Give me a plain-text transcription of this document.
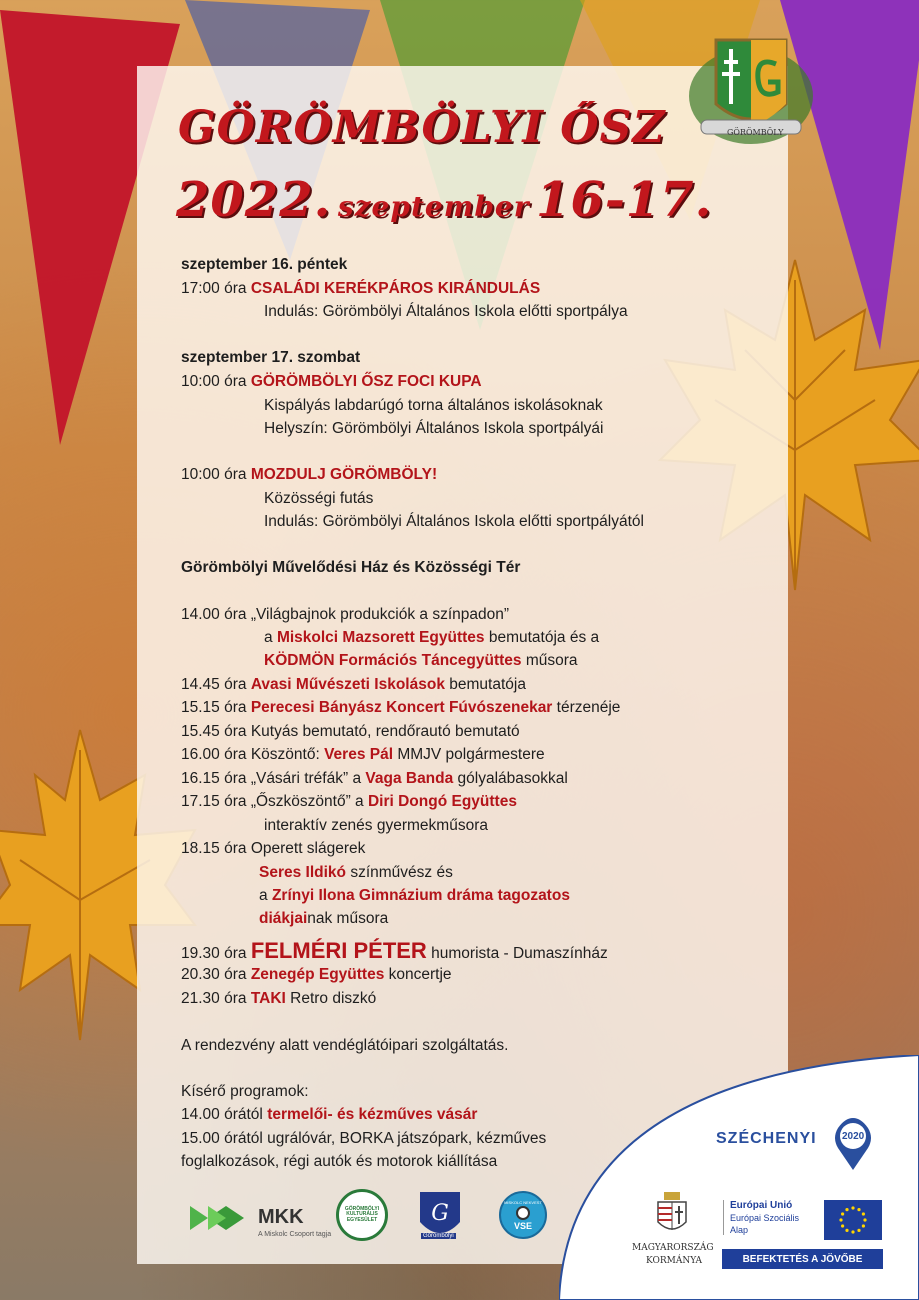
GÖRÖMBÖLY
GÖRÖMBÖLYI ŐSZ
2022. szeptember 16-17.
szeptember 16. péntek
17:00 óra CSALÁDI KERÉKPÁROS KIRÁNDULÁS
Indulás: Görömbölyi Általános Iskola előtti sportpálya
szeptember 17. szombat
10:00 óra GÖRÖMBÖLYI ŐSZ FOCI KUPA
Kispályás labdarúgó torna általános iskolásoknak
Helyszín: Görömbölyi Általános Iskola sportpályái
10:00 óra MOZDULJ GÖRÖMBÖLY!
Közösségi futás
Indulás: Görömbölyi Általános Iskola előtti sportpályától
Görömbölyi Művelődési Ház és Közösségi Tér
14.00 óra „Világbajnok produkciók a színpadon”
a Miskolci Mazsorett Együttes bemutatója és a
KÖDMÖN Formációs Táncegyüttes műsora
14.45 óra Avasi Művészeti Iskolások bemutatója
15.15 óra Perecesi Bányász Koncert Fúvószenekar térzenéje
15.45 óra Kutyás bemutató, rendőrautó bemutató
16.00 óra Köszöntő: Veres Pál MMJV polgármestere
16.15 óra „Vásári tréfák” a Vaga Banda gólyalábasokkal
17.15 óra „Őszköszöntő” a Diri Dongó Együttes
interaktív zenés gyermekműsora
18.15 óra Operett slágerek
Seres Ildikó színművész és
a Zrínyi Ilona Gimnázium dráma tagozatos
diákjainak műsora
19.30 óra FELMÉRI PÉTER humorista - Dumaszínház
20.30 óra Zenegép Együttes koncertje
21.30 óra TAKI Retro diszkó
A rendezvény alatt vendéglátóipari szolgáltatás.
Kísérő programok:
14.00 órától termelői- és kézműves vásár
15.00 órától ugrálóvár, BORKA játszópark, kézműves
foglalkozások, régi autók és motorok kiállítása
MKK
A Miskolc Csoport tagja
GÖRÖMBÖLYI KULTURÁLIS EGYESÜLET	G
Görömbölyi
MISKOLC NEKVEST
VSE
SZÉCHENYI	2020
MAGYARORSZÁG
KORMÁNYA
Európai Unió
Európai Szociális
Alap
BEFEKTETÉS A JÖVŐBE
